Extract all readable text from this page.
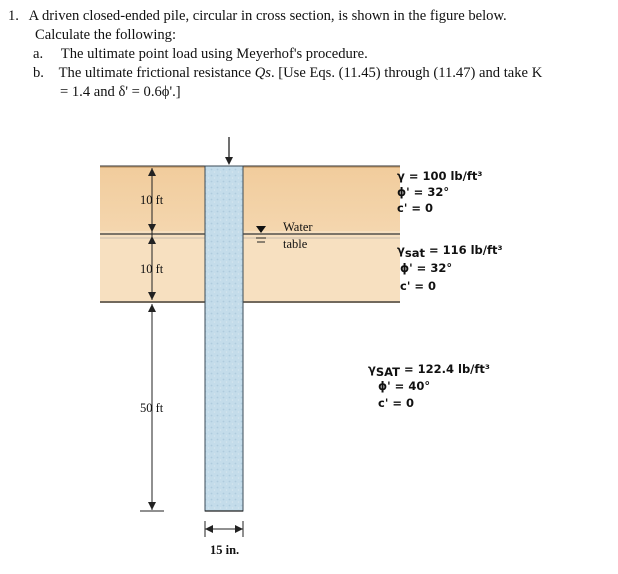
1. A driven closed-ended pile, circular in cross section, is shown in the figure below.
Calculate the following:
a. The ultimate point load using Meyerhof's procedure.
b. The ultimate frictional resistance Qs. [Use Eqs. (11.45) through (11.47) and take K
= 1.4 and δ' = 0.6ϕ'.]
Water
table
10 ft
10 ft
50 ft
15 in.
γ = 100 lb/ft³
ϕ' = 32°
c' = 0
γsat = 116 lb/ft³
ϕ' = 32°
c' = 0
γSAT = 122.4 lb/ft³
ϕ' = 40°
c' = 0
